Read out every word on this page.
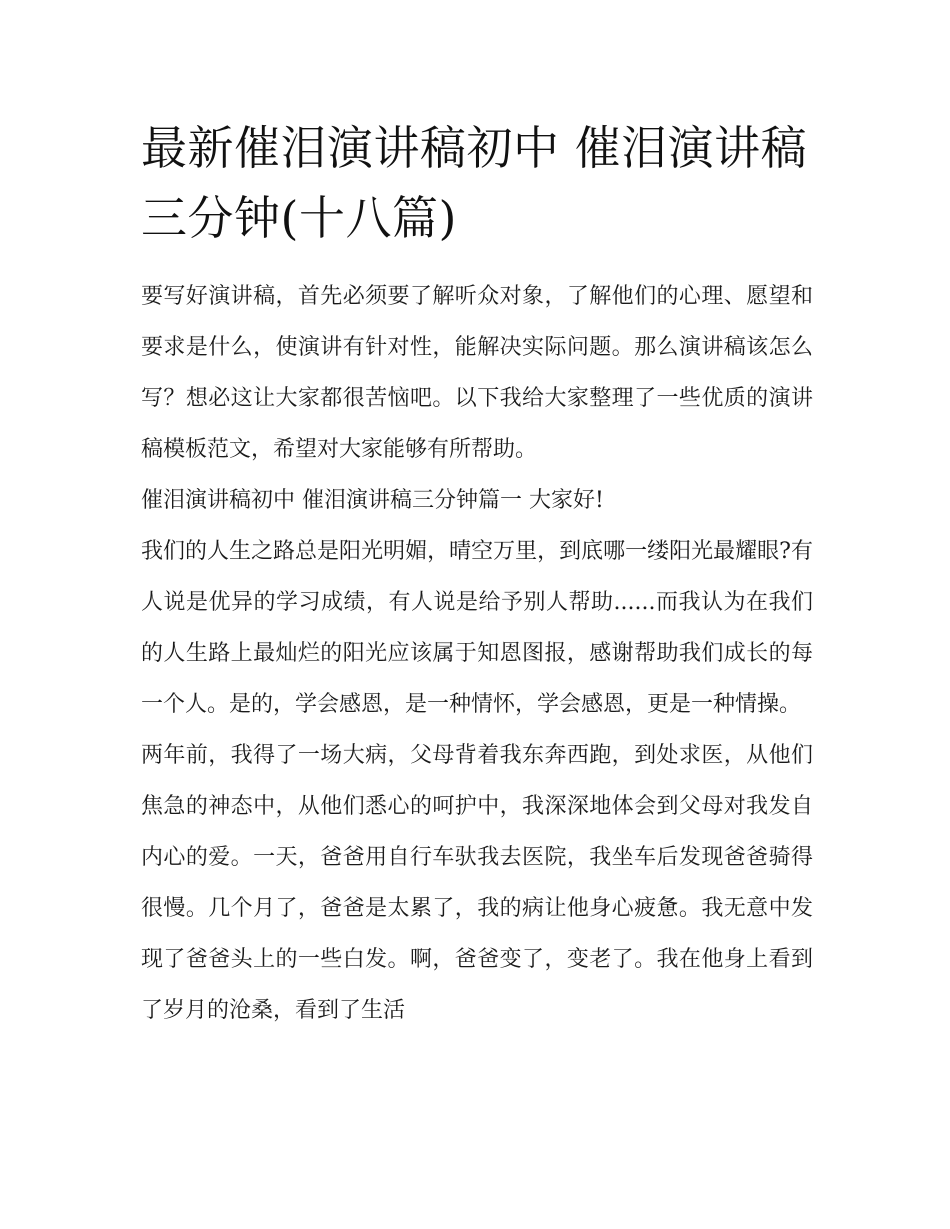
最新催泪演讲稿初中 催泪演讲稿三分钟(十八篇)

要写好演讲稿，首先必须要了解听众对象，了解他们的心理、愿望和要求是什么，使演讲有针对性，能解决实际问题。那么演讲稿该怎么写？想必这让大家都很苦恼吧。以下我给大家整理了一些优质的演讲稿模板范文，希望对大家能够有所帮助。

催泪演讲稿初中 催泪演讲稿三分钟篇一 大家好!

我们的人生之路总是阳光明媚，晴空万里，到底哪一缕阳光最耀眼?有人说是优异的学习成绩，有人说是给予别人帮助......而我认为在我们的人生路上最灿烂的阳光应该属于知恩图报，感谢帮助我们成长的每一个人。是的，学会感恩，是一种情怀，学会感恩，更是一种情操。

两年前，我得了一场大病，父母背着我东奔西跑，到处求医，从他们焦急的神态中，从他们悉心的呵护中，我深深地体会到父母对我发自内心的爱。一天，爸爸用自行车驮我去医院，我坐车后发现爸爸骑得很慢。几个月了，爸爸是太累了，我的病让他身心疲惫。我无意中发现了爸爸头上的一些白发。啊，爸爸变了，变老了。我在他身上看到了岁月的沧桑，看到了生活
